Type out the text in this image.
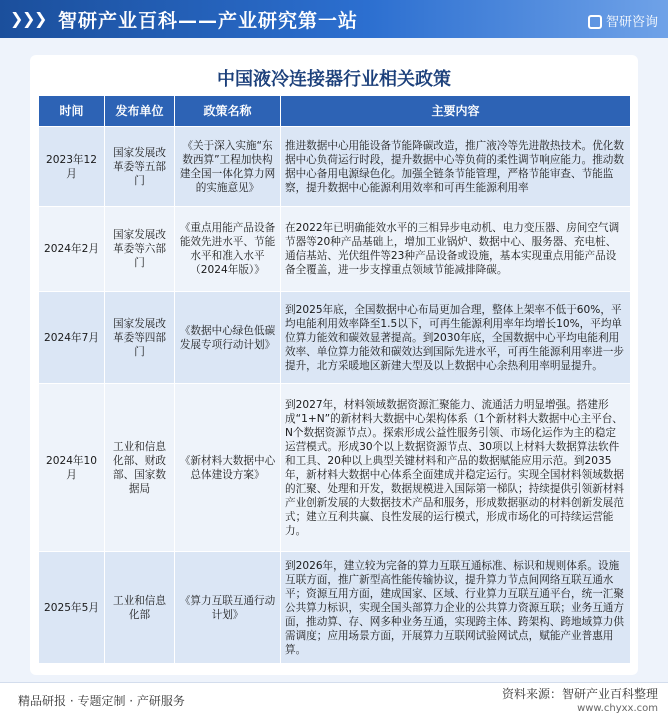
❯
❯
❯ 智研产业百科——产业研究第一站	智研咨询
中国液冷连接器行业相关政策
时间	发布单位	政策名称	主要内容
2023年12月	国家发展改革委等五部门	《关于深入实施“东数西算”工程加快构建全国一体化算力网的实施意见》	推进数据中心用能设备节能降碳改造，推广液冷等先进散热技术。优化数据中心负荷运行时段，提升数据中心等负荷的柔性调节响应能力。推动数据中心备用电源绿色化。加强全链条节能管理，严格节能审查、节能监察，提升数据中心能源利用效率和可再生能源利用率
2024年2月	国家发展改革委等六部门	《重点用能产品设备能效先进水平、节能水平和准入水平（2024年版）》	在2022年已明确能效水平的三相异步电动机、电力变压器、房间空气调节器等20种产品基础上，增加工业锅炉、数据中心、服务器、充电桩、通信基站、光伏组件等23种产品设备或设施，基本实现重点用能产品设备全覆盖，进一步支撑重点领域节能减排降碳。
2024年7月	国家发展改革委等四部门	《数据中心绿色低碳发展专项行动计划》	到2025年底，全国数据中心布局更加合理，整体上架率不低于60%，平均电能利用效率降至1.5以下，可再生能源利用率年均增长10%，平均单位算力能效和碳效显著提高。到2030年底，全国数据中心平均电能利用效率、单位算力能效和碳效达到国际先进水平，可再生能源利用率进一步提升，北方采暖地区新建大型及以上数据中心余热利用率明显提升。
2024年10月	工业和信息化部、财政部、国家数据局	《新材料大数据中心总体建设方案》	到2027年，材料领域数据资源汇聚能力、流通活力明显增强。搭建形成“1+N”的新材料大数据中心架构体系（1个新材料大数据中心主平台、N个数据资源节点）。探索形成公益性服务引领、市场化运作为主的稳定运营模式。形成30个以上数据资源节点、30项以上材料大数据算法软件和工具、20种以上典型关键材料和产品的数据赋能应用示范。到2035年，新材料大数据中心体系全面建成并稳定运行。实现全国材料领域数据的汇聚、处理和开发，数据规模进入国际第一梯队；持续提供引领新材料产业创新发展的大数据技术产品和服务，形成数据驱动的材料创新发展范式；建立互利共赢、良性发展的运行模式，形成市场化的可持续运营能力。
2025年5月	工业和信息化部	《算力互联互通行动计划》	到2026年，建立较为完备的算力互联互通标准、标识和规则体系。设施互联方面，推广新型高性能传输协议，提升算力节点间网络互联互通水平；资源互用方面，建成国家、区域、行业算力互联互通平台，统一汇聚公共算力标识，实现全国头部算力企业的公共算力资源互联；业务互通方面，推动算、存、网多种业务互通，实现跨主体、跨架构、跨地域算力供需调度；应用场景方面，开展算力互联网试验网试点，赋能产业普惠用算。
精品研报 · 专题定制 · 产研服务	资料来源：智研产业百科整理
www.chyxx.com
